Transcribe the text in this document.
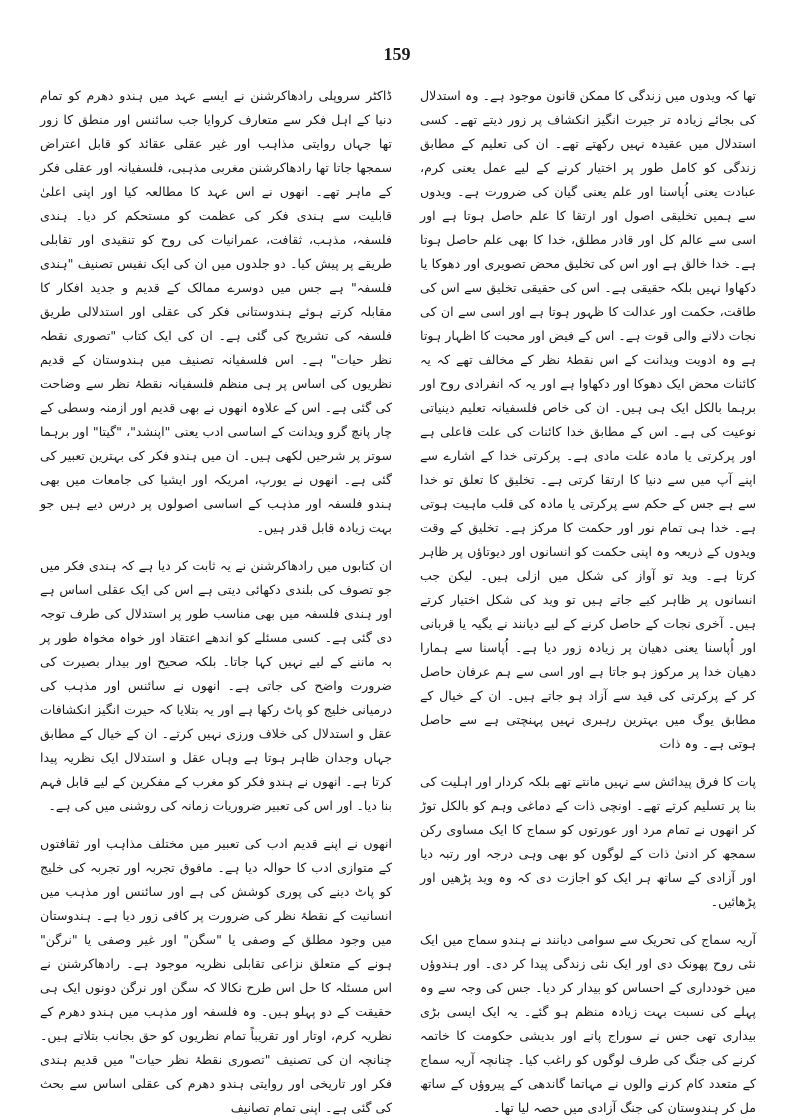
159

تھا کہ ویدوں میں زندگی کا ممکن قانون موجود ہے۔ وہ استدلال کی بجائے زیادہ تر جیرت انگیز انکشاف پر زور دیتے تھے۔ کسی استدلال میں عقیدہ نہیں رکھتے تھے۔ ان کی تعلیم کے مطابق زندگی کو کامل طور پر اختیار کرنے کے لیے عمل یعنی کرم، عبادت یعنی اُپاسنا اور علم یعنی گیان کی ضرورت ہے۔ ویدوں سے ہمیں تخلیقی اصول اور ارتقا کا علم حاصل ہوتا ہے اور اسی سے عالم کل اور قادر مطلق، خدا کا بھی علم حاصل ہوتا ہے۔ خدا خالق ہے اور اس کی تخلیق محض تصویری اور دھوکا یا دکھاوا نہیں بلکہ حقیقی ہے۔ اس کی حقیقی تخلیق سے اس کی طاقت، حکمت اور عدالت کا ظہور ہوتا ہے اور اسی سے ان کی نجات دلانے والی قوت ہے۔ اس کے فیض اور محبت کا اظہار ہوتا ہے وہ ادویت ویدانت کے اس نقطۂ نظر کے مخالف تھے کہ یہ کائنات محض ایک دھوکا اور دکھاوا ہے اور یہ کہ انفرادی روح اور برہما بالکل ایک ہی ہیں۔ ان کی خاص فلسفیانہ تعلیم دینیاتی نوعیت کی ہے۔ اس کے مطابق خدا کائنات کی علت فاعلی ہے اور پرکرتی یا مادہ علت مادی ہے۔ پرکرتی خدا کے اشارے سے اپنے آپ میں سے دنیا کا ارتقا کرتی ہے۔ تخلیق کا تعلق تو خدا سے ہے جس کے حکم سے پرکرتی یا مادہ کی قلب ماہیت ہوتی ہے۔ خدا ہی تمام نور اور حکمت کا مرکز ہے۔ تخلیق کے وقت ویدوں کے ذریعہ وہ اپنی حکمت کو انسانوں اور دیوتاؤں پر ظاہر کرتا ہے۔ وید تو آواز کی شکل میں ازلی ہیں۔ لیکن جب انسانوں پر ظاہر کیے جاتے ہیں تو وید کی شکل اختیار کرتے ہیں۔ آخری نجات کے حاصل کرنے کے لیے دیانند نے یگیہ یا قربانی اور اُپاسنا یعنی دھیان پر زیادہ زور دیا ہے۔ اُپاسنا سے ہمارا دھیان خدا پر مرکوز ہو جاتا ہے اور اسی سے ہم عرفان حاصل کر کے پرکرتی کی قید سے آزاد ہو جاتے ہیں۔ ان کے خیال کے مطابق یوگ میں بہترین رہبری نہیں پہنچتی ہے سے حاصل ہوتی ہے۔ وہ ذات

پات کا فرق پیدائش سے نہیں مانتے تھے بلکہ کردار اور اہلیت کی بنا پر تسلیم کرتے تھے۔ اونچی ذات کے دماغی وہم کو بالکل توڑ کر انھوں نے تمام مرد اور عورتوں کو سماج کا ایک مساوی رکن سمجھ کر ادنیٰ ذات کے لوگوں کو بھی وہی درجہ اور رتبہ دیا اور آزادی کے ساتھ ہر ایک کو اجازت دی کہ وہ وید پڑھیں اور پڑھائیں۔

آریہ سماج کی تحریک سے سوامی دیانند نے ہندو سماج میں ایک نئی روح پھونک دی اور ایک نئی زندگی پیدا کر دی۔ اور ہندوؤں میں خودداری کے احساس کو بیدار کر دیا۔ جس کی وجہ سے وہ پہلے کی نسبت بہت زیادہ منظم ہو گئے۔ یہ ایک ایسی بڑی بیداری تھی جس نے سوراج پانے اور بدیشی حکومت کا خاتمہ کرنے کی جنگ کی طرف لوگوں کو راغب کیا۔ چنانچہ آریہ سماج کے متعدد کام کرنے والوں نے مہاتما گاندھی کے پیروؤں کے ساتھ مل کر ہندوستان کی جنگ آزادی میں حصہ لیا تھا۔

ڈاکٹر سروپلی رادھاکرشنن نے ایسے عہد میں ہندو دھرم کو تمام دنیا کے اہل فکر سے متعارف کروایا جب سائنس اور منطق کا زور تھا جہاں روایتی مذاہب اور غیر عقلی عقائد کو قابل اعتراض سمجھا جاتا تھا رادھاکرشنن مغربی مذہبی، فلسفیانہ اور عقلی فکر کے ماہر تھے۔ انھوں نے اس عہد کا مطالعہ کیا اور اپنی اعلیٰ قابلیت سے ہندی فکر کی عظمت کو مستحکم کر دیا۔ ہندی فلسفہ، مذہب، ثقافت، عمرانیات کی روح کو تنقیدی اور تقابلی طریقے پر پیش کیا۔ دو جلدوں میں ان کی ایک نفیس تصنیف "ہندی فلسفہ" ہے جس میں دوسرے ممالک کے قدیم و جدید افکار کا مقابلہ کرتے ہوئے ہندوستانی فکر کی عقلی اور استدلالی طریق فلسفہ کی تشریح کی گئی ہے۔ ان کی ایک کتاب "تصوری نقطہ نظر حیات" ہے۔ اس فلسفیانہ تصنیف میں ہندوستان کے قدیم نظریوں کی اساس پر ہی منظم فلسفیانہ نقطۂ نظر سے وضاحت کی گئی ہے۔ اس کے علاوہ انھوں نے بھی قدیم اور ازمنہ وسطی کے چار پانچ گرو ویدانت کے اساسی ادب یعنی "اپنشد"، "گیتا" اور برہما سوتر پر شرحیں لکھی ہیں۔ ان میں ہندو فکر کی بہترین تعبیر کی گئی ہے۔ انھوں نے یورپ، امریکہ اور ایشیا کی جامعات میں بھی ہندو فلسفہ اور مذہب کے اساسی اصولوں پر درس دیے ہیں جو بہت زیادہ قابل قدر ہیں۔

ان کتابوں میں رادھاکرشنن نے یہ ثابت کر دیا ہے کہ ہندی فکر میں جو تصوف کی بلندی دکھائی دیتی ہے اس کی ایک عقلی اساس ہے اور ہندی فلسفہ میں بھی مناسب طور پر استدلال کی طرف توجہ دی گئی ہے۔ کسی مسئلے کو اندھے اعتقاد اور خواہ مخواہ طور پر بہ ماننے کے لیے نہیں کہا جاتا۔ بلکہ صحیح اور بیدار بصیرت کی ضرورت واضح کی جاتی ہے۔ انھوں نے سائنس اور مذہب کی درمیانی خلیج کو پاٹ رکھا ہے اور یہ بتلایا کہ حیرت انگیز انکشافات عقل و استدلال کی خلاف ورزی نہیں کرتے۔ ان کے خیال کے مطابق جہاں وجدان ظاہر ہوتا ہے وہاں عقل و استدلال ایک نظریہ پیدا کرتا ہے۔ انھوں نے ہندو فکر کو مغرب کے مفکرین کے لیے قابل فہم بنا دیا۔ اور اس کی تعبیر ضروریات زمانہ کی روشنی میں کی ہے۔

انھوں نے اپنے قدیم ادب کی تعبیر میں مختلف مذاہب اور ثقافتوں کے متوازی ادب کا حوالہ دیا ہے۔ مافوق تجربہ اور تجربہ کی خلیج کو پاٹ دینے کی پوری کوشش کی ہے اور سائنس اور مذہب میں انسانیت کے نقطۂ نظر کی ضرورت پر کافی زور دیا ہے۔ ہندوستان میں وجود مطلق کے وصفی یا "سگن" اور غیر وصفی یا "نرگن" ہونے کے متعلق نزاعی تقابلی نظریہ موجود ہے۔ رادھاکرشنن نے اس مسئلہ کا حل اس طرح نکالا کہ سگن اور نرگن دونوں ایک ہی حقیقت کے دو پہلو ہیں۔ وہ فلسفہ اور مذہب میں ہندو دھرم کے نظریہ کرم، اوتار اور تقریباً تمام نظریوں کو حق بجانب بتلاتے ہیں۔ چنانچہ ان کی تصنیف "تصوری نقطۂ نظر حیات" میں قدیم ہندی فکر اور تاریخی اور روایتی ہندو دھرم کی عقلی اساس سے بحث کی گئی ہے۔ اپنی تمام تصانیف
